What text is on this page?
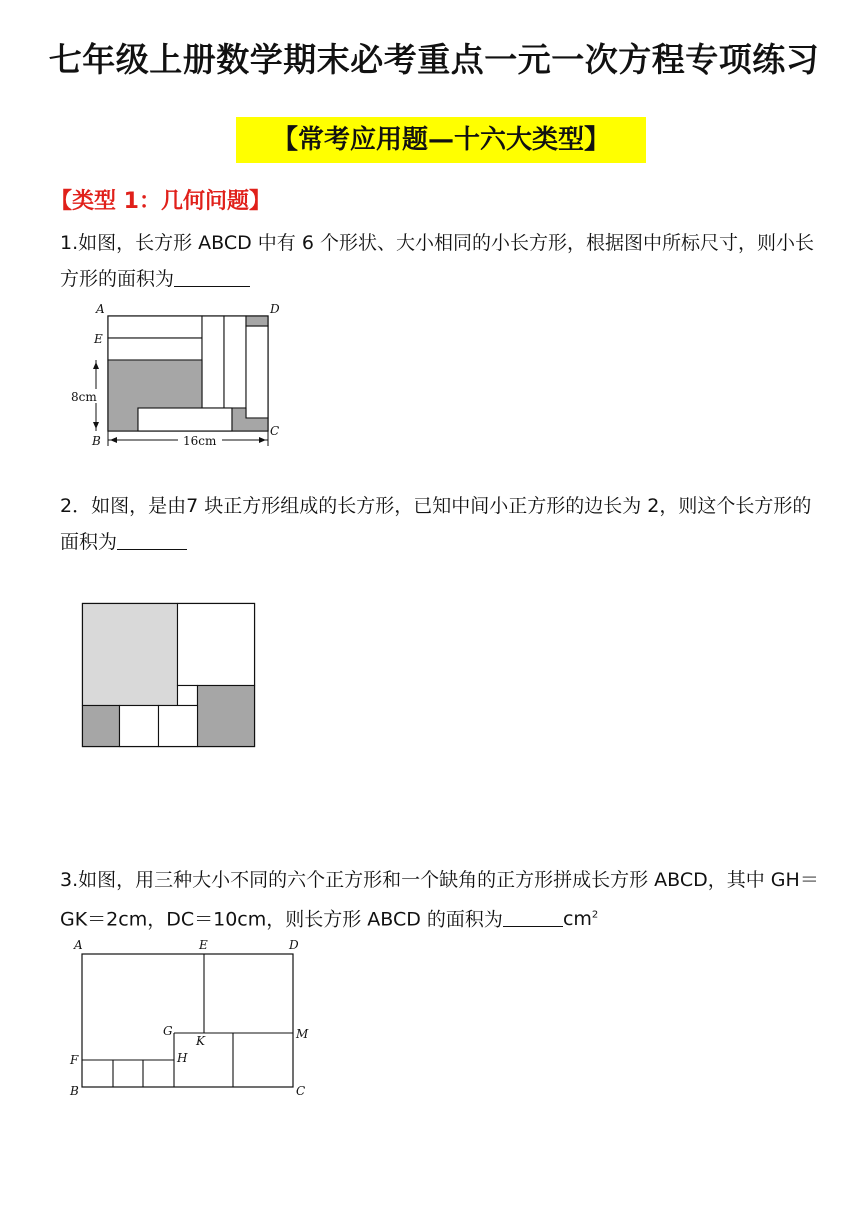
七年级上册数学期末必考重点一元一次方程专项练习
【常考应用题—十六大类型】
【类型 1：几何问题】
1.如图，长方形 ABCD 中有 6 个形状、大小相同的小长方形，根据图中所标尺寸，则小长方形的面积为
A	D
E
B
C
8cm
16cm
2．如图，是由7 块正方形组成的长方形，已知中间小正方形的边长为 2，则这个长方形的面积为
3.如图，用三种大小不同的六个正方形和一个缺角的正方形拼成长方形 ABCD，其中 GH＝GK＝2cm，DC＝10cm，则长方形 ABCD 的面积为	$cm^2$
A	E	D
G
K	M
F	H
B	C
